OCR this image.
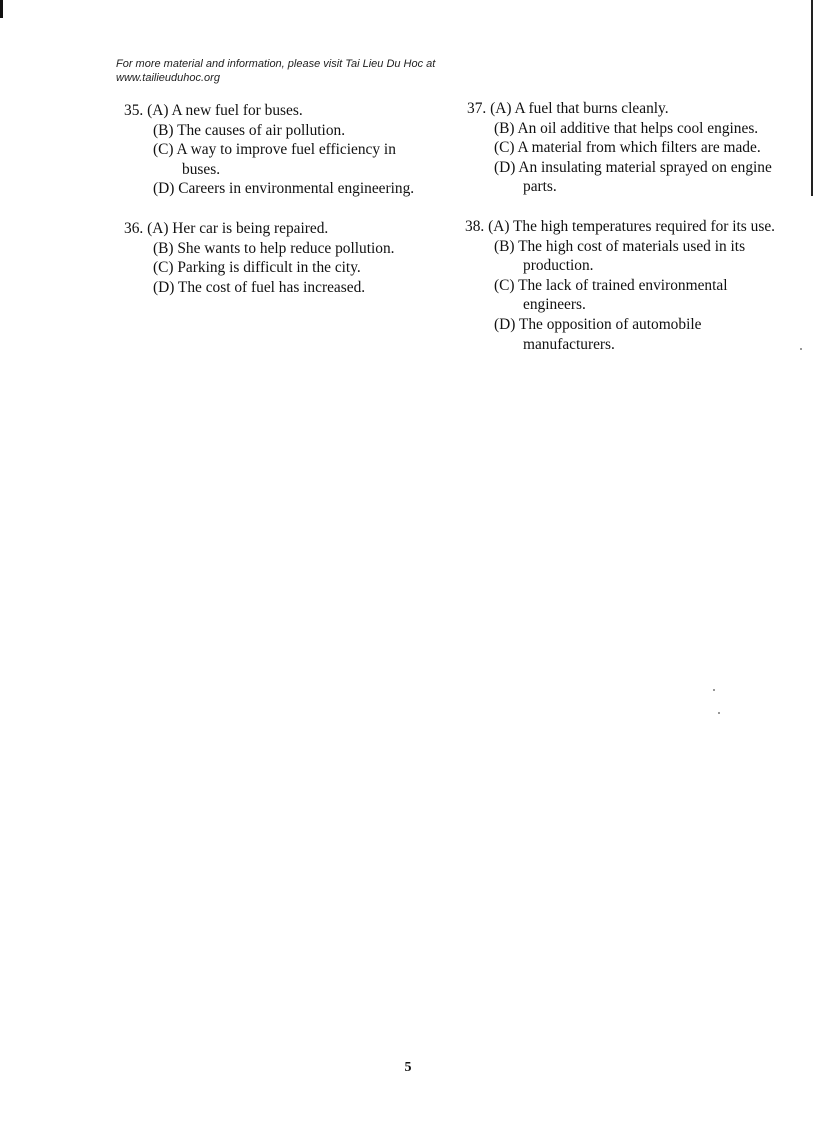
For more material and information, please visit Tai Lieu Du Hoc at
www.tailieuduhoc.org
35. (A) A new fuel for buses.
(B) The causes of air pollution.
(C) A way to improve fuel efficiency in buses.
(D) Careers in environmental engineering.
36. (A) Her car is being repaired.
(B) She wants to help reduce pollution.
(C) Parking is difficult in the city.
(D) The cost of fuel has increased.
37. (A) A fuel that burns cleanly.
(B) An oil additive that helps cool engines.
(C) A material from which filters are made.
(D) An insulating material sprayed on engine parts.
38. (A) The high temperatures required for its use.
(B) The high cost of materials used in its production.
(C) The lack of trained environmental engineers.
(D) The opposition of automobile manufacturers.
5
